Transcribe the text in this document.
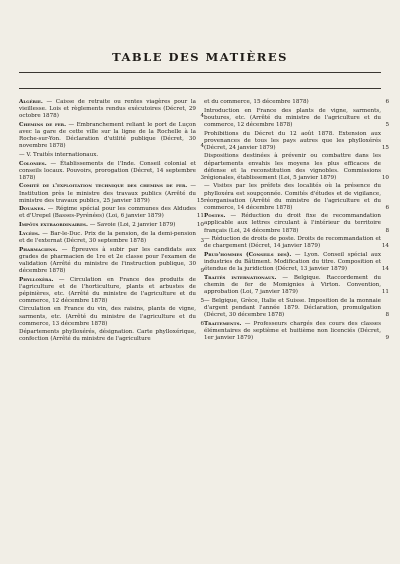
TABLE DES MATIÈRES
Algérie. — Caisse de retraite ou rentes viagères pour la vieillesse. Lois et règlements rendus exécutoires (Décret, 29 octobre 1878)	4
Chemins de fer. — Embranchement reliant le port de Luçon avec la gare de cette ville sur la ligne de la Rochelle à la Roche-sur-Yon. Déclaration d'utilité publique (Décret, 30 novembre 1878)	4
— V. Traités internationaux.
Colonies. — Établissements de l'Inde. Conseil colonial et conseils locaux. Pouvoirs, prorogation (Décret, 14 septembre 1878)	3
Comité de l'exploitation technique des chemins de fer. — Institution près le ministre des travaux publics (Arrêté du ministre des travaux publics, 25 janvier 1879)	15
Douanes. — Régime spécial pour les communes des Aldudes et d'Urepel (Basses-Pyrénées) (Loi, 6 janvier 1879)	11
Impôts extraordinaires. — Savoie (Loi, 2 janvier 1879)	10
Lycées. — Bar-le-Duc. Prix de la pension, de la demi-pension et de l'externat (Décret, 30 septembre 1878)	3
Pharmaciens. — Épreuves à subir par les candidats aux grades de pharmacien de 1re et 2e classe pour l'examen de validation (Arrêté du ministre de l'instruction publique, 30 décembre 1878)	9
Phylloxéra. — Circulation en France des produits de l'agriculture et de l'horticulture, plants et arbustes de pépinières, etc. (Arrêté du ministre de l'agriculture et du commerce, 12 décembre 1878)	5
Circulation en France du vin, des raisins, plants de vigne, sarments, etc. (Arrêté du ministre de l'agriculture et du commerce, 13 décembre 1878)	6
Départements phylloxérés, désignation. Carte phylloxérique, confection (Arrêté du ministre de l'agriculture
et du commerce, 15 décembre 1878)	6
Introduction en France des plants de vigne, sarments, boutures, etc. (Arrêté du ministre de l'agriculture et du commerce, 12 décembre 1878)	5
Prohibitions du Décret du 12 août 1878. Extension aux provenances de tous les pays autres que les phylloxérés (Décret, 24 janvier 1879)	15
Dispositions destinées à prévenir ou combattre dans les départements envahis les moyens les plus efficaces de défense et la reconstitution des vignobles. Commissions régionales, établissement (Loi, 5 janvier 1879)	10
— Visites par les préfets des localités où la présence du phylloxéra est soupçonnée. Comités d'études et de vigilance, réorganisation (Arrêté du ministre de l'agriculture et du commerce, 14 décembre 1878)	6
Postes. — Réduction du droit fixe de recommandation applicable aux lettres circulant à l'intérieur du territoire français (Loi, 24 décembre 1878)	8
— Réduction de droits de poste. Droits de recommandation et de chargement (Décret, 14 janvier 1879)	14
Prud'hommes (Conseils des). — Lyon. Conseil spécial aux industries du Bâtiment. Modification du titre. Composition et étendue de la juridiction (Décret, 13 janvier 1879)	14
Traités internationaux. — Belgique. Raccordement du chemin de fer de Momignies à Virton. Convention, approbation (Loi, 7 janvier 1879)	11
— Belgique, Grèce, Italie et Suisse. Imposition de la monnaie d'argent pendant l'année 1879. Déclaration, promulgation (Décret, 30 décembre 1878)	8
Traitements. — Professeurs chargés des cours des classes élémentaires de septième et huitième non licenciés (Décret, 1er janvier 1879)	9
